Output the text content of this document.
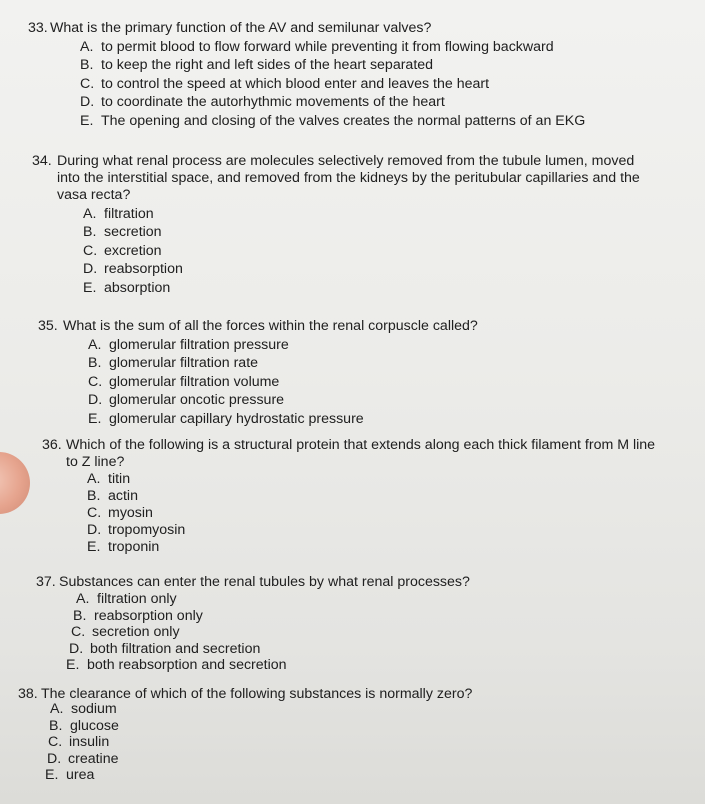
33. What is the primary function of the AV and semilunar valves?
A. to permit blood to flow forward while preventing it from flowing backward
B. to keep the right and left sides of the heart separated
C. to control the speed at which blood enter and leaves the heart
D. to coordinate the autorhythmic movements of the heart
E. The opening and closing of the valves creates the normal patterns of an EKG
34. During what renal process are molecules selectively removed from the tubule lumen, moved into the interstitial space, and removed from the kidneys by the peritubular capillaries and the vasa recta?
A. filtration
B. secretion
C. excretion
D. reabsorption
E. absorption
35. What is the sum of all the forces within the renal corpuscle called?
A. glomerular filtration pressure
B. glomerular filtration rate
C. glomerular filtration volume
D. glomerular oncotic pressure
E. glomerular capillary hydrostatic pressure
36. Which of the following is a structural protein that extends along each thick filament from M line to Z line?
A. titin
B. actin
C. myosin
D. tropomyosin
E. troponin
37. Substances can enter the renal tubules by what renal processes?
A. filtration only
B. reabsorption only
C. secretion only
D. both filtration and secretion
E. both reabsorption and secretion
38. The clearance of which of the following substances is normally zero?
A. sodium
B. glucose
C. insulin
D. creatine
E. urea
